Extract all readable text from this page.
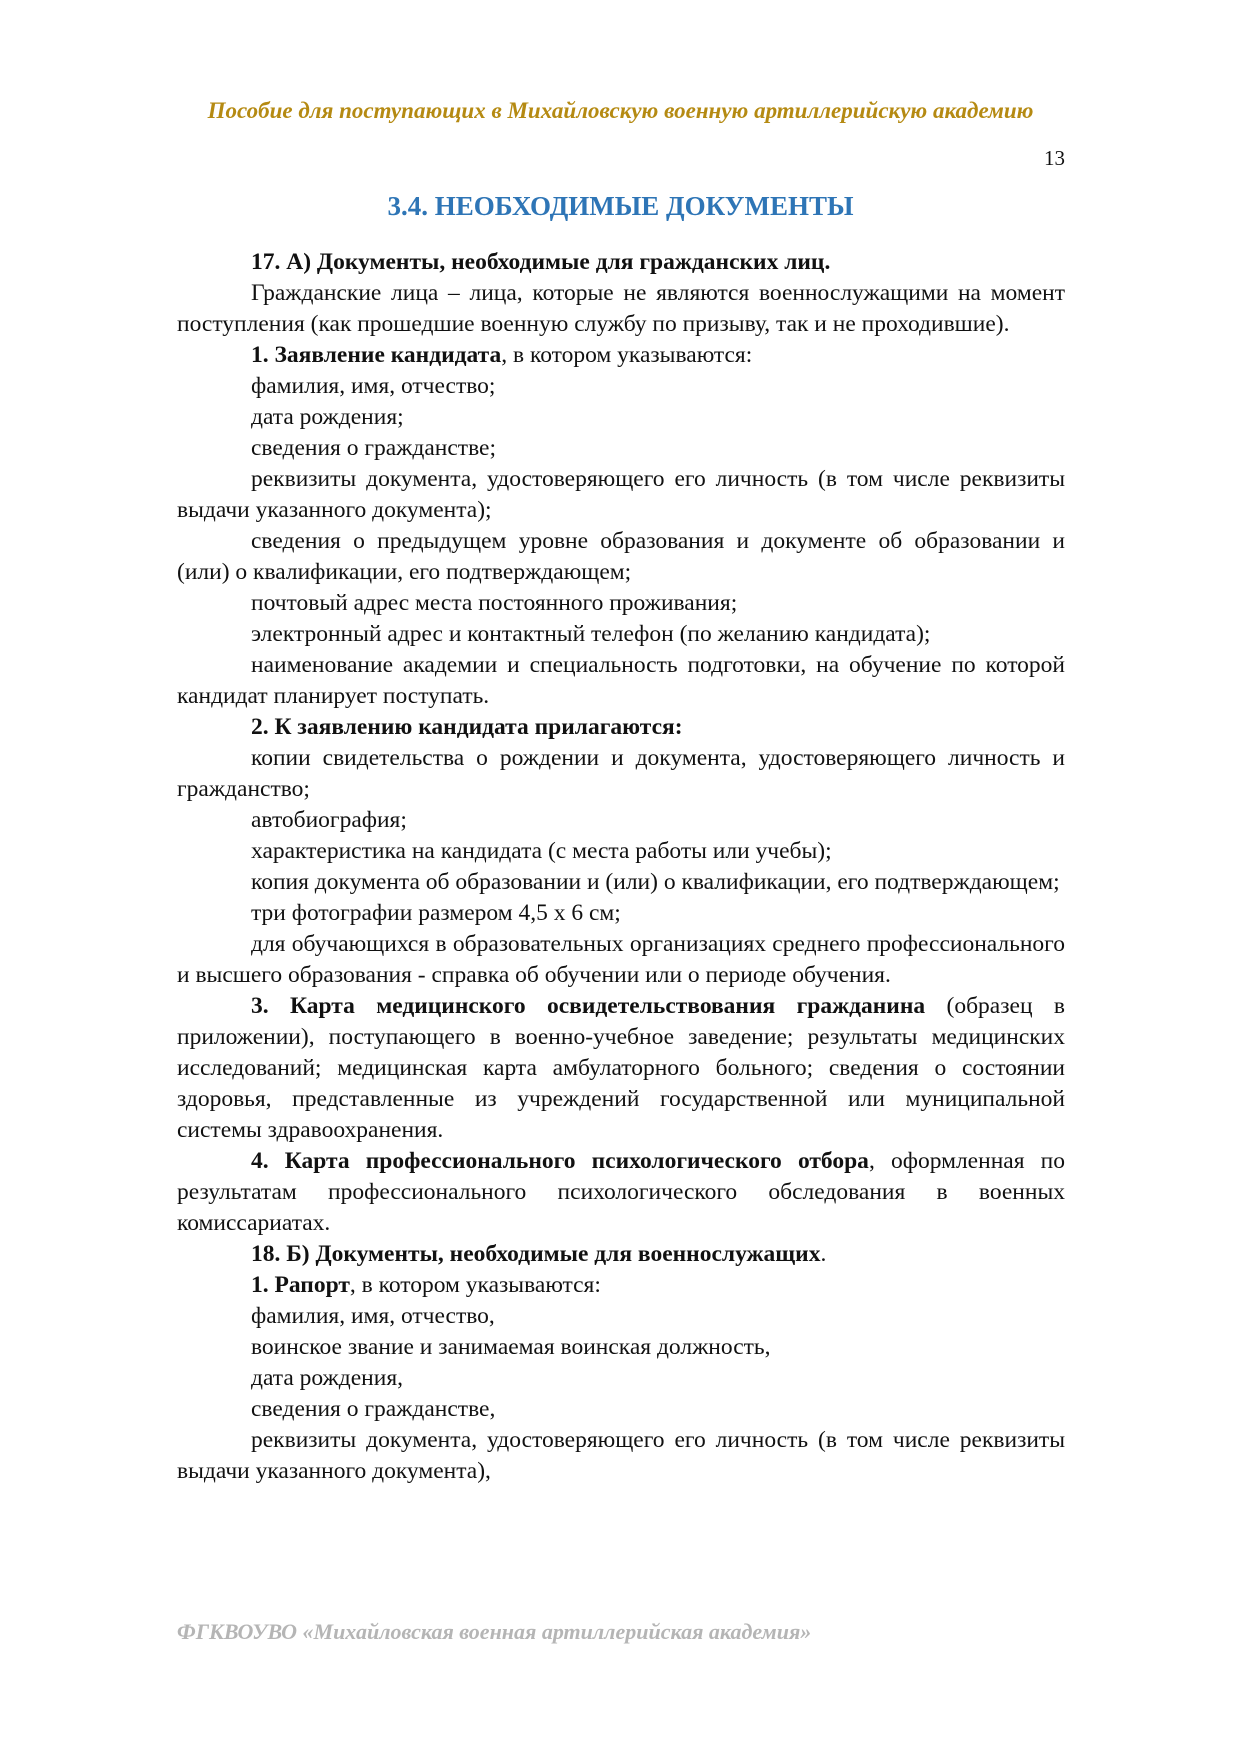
Пособие для поступающих в Михайловскую военную артиллерийскую академию
13
3.4. НЕОБХОДИМЫЕ ДОКУМЕНТЫ

17. А) Документы, необходимые для гражданских лиц.

Гражданские лица – лица, которые не являются военнослужащими на момент поступления (как прошедшие военную службу по призыву, так и не проходившие).

1. Заявление кандидата, в котором указываются:

фамилия, имя, отчество;

дата рождения;

сведения о гражданстве;

реквизиты документа, удостоверяющего его личность (в том числе реквизиты выдачи указанного документа);

сведения о предыдущем уровне образования и документе об образовании и (или) о квалификации, его подтверждающем;

почтовый адрес места постоянного проживания;

электронный адрес и контактный телефон (по желанию кандидата);

наименование академии и специальность подготовки, на обучение по которой кандидат планирует поступать.

2. К заявлению кандидата прилагаются:

копии свидетельства о рождении и документа, удостоверяющего личность и гражданство;

автобиография;

характеристика на кандидата (с места работы или учебы);

копия документа об образовании и (или) о квалификации, его подтверждающем;

три фотографии размером 4,5 х 6 см;

для обучающихся в образовательных организациях среднего профессионального и высшего образования - справка об обучении или о периоде обучения.

3. Карта медицинского освидетельствования гражданина (образец в приложении), поступающего в военно-учебное заведение; результаты медицинских исследований; медицинская карта амбулаторного больного; сведения о состоянии здоровья, представленные из учреждений государственной или муниципальной системы здравоохранения.

4. Карта профессионального психологического отбора, оформленная по результатам профессионального психологического обследования в военных комиссариатах.

18. Б) Документы, необходимые для военнослужащих.

1. Рапорт, в котором указываются:

фамилия, имя, отчество,

воинское звание и занимаемая воинская должность,

дата рождения,

сведения о гражданстве,

реквизиты документа, удостоверяющего его личность (в том числе реквизиты выдачи указанного документа),

ФГКВОУВО «Михайловская военная артиллерийская академия»
